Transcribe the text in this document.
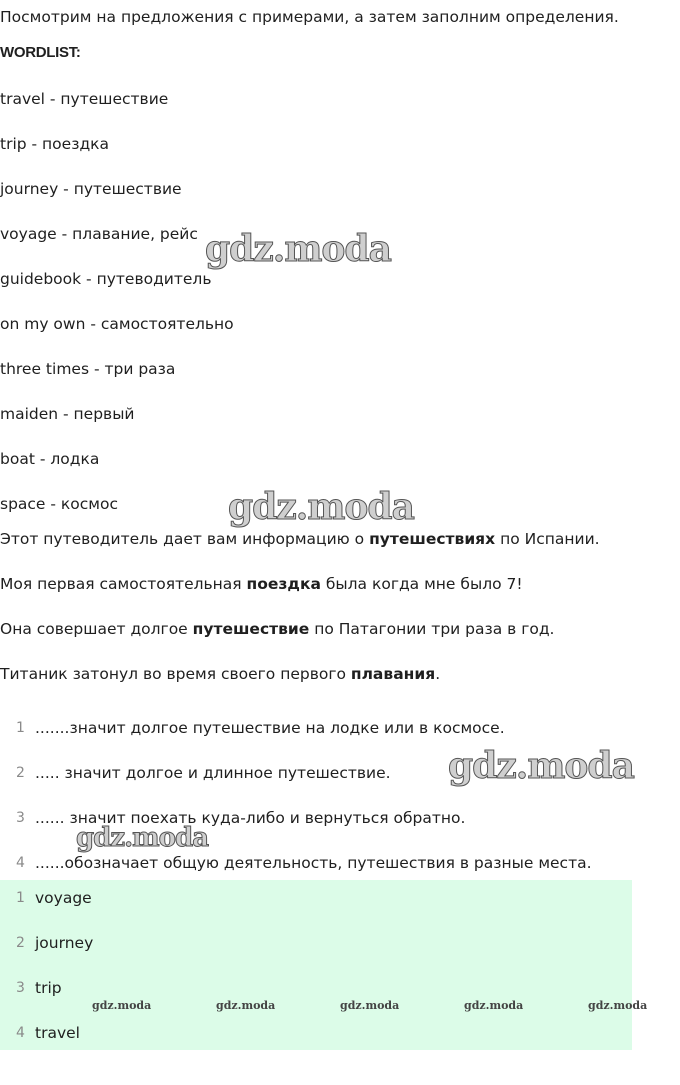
Посмотрим на предложения с примерами, а затем заполним определения.
WORDLIST:
travel - путешествие
trip - поездка
journey - путешествие
voyage - плавание, рейс
guidebook - путеводитель
on my own - самостоятельно
three times - три раза
maiden - первый
boat - лодка
space - космос
Этот путеводитель дает вам информацию о путешествиях по Испании.
Моя первая самостоятельная поездка была когда мне было 7!
Она совершает долгое путешествие по Патагонии три раза в год.
Титаник затонул во время своего первого плавания.
1 .......значит долгое путешествие на лодке или в космосе.
2 ..... значит долгое и длинное путешествие.
3 ...... значит поехать куда-либо и вернуться обратно.
4 ......обозначает общую деятельность, путешествия в разные места.
1 voyage
2 journey
3 trip
4 travel
gdz.moda
gdz.moda
gdz.moda
gdz.moda
gdz.moda	gdz.moda	gdz.moda	gdz.moda	gdz.moda
